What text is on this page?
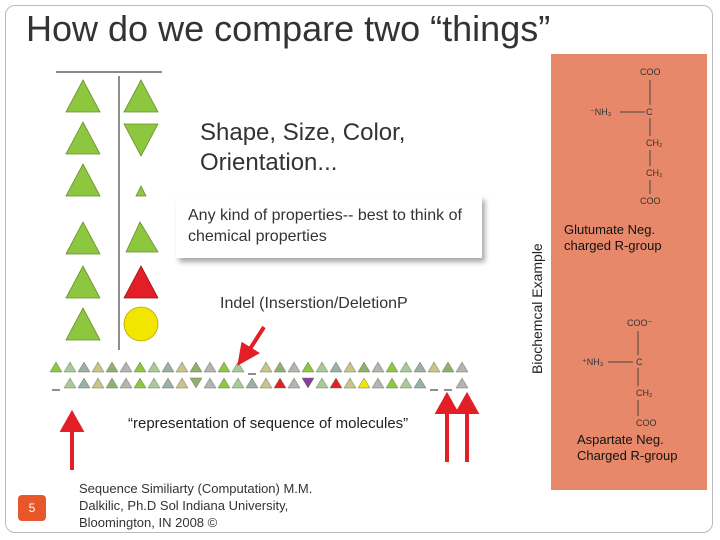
How do we compare two “things”
Biochemcal Example
COO
⁻NH₃	C
CH₂
CH₂
COO
Glutumate Neg. charged R-group
COO⁻
⁺NH₃	C
CH₂
COO
Aspartate Neg. Charged R-group
Shape, Size, Color, Orientation...
Any kind of properties-- best to think of chemical properties
Indel (Inserstion/DeletionP
“representation of sequence of molecules”
5
Sequence Similiarty (Computation) M.M. Dalkilic, Ph.D Sol Indiana University, Bloomington, IN 2008 ©
